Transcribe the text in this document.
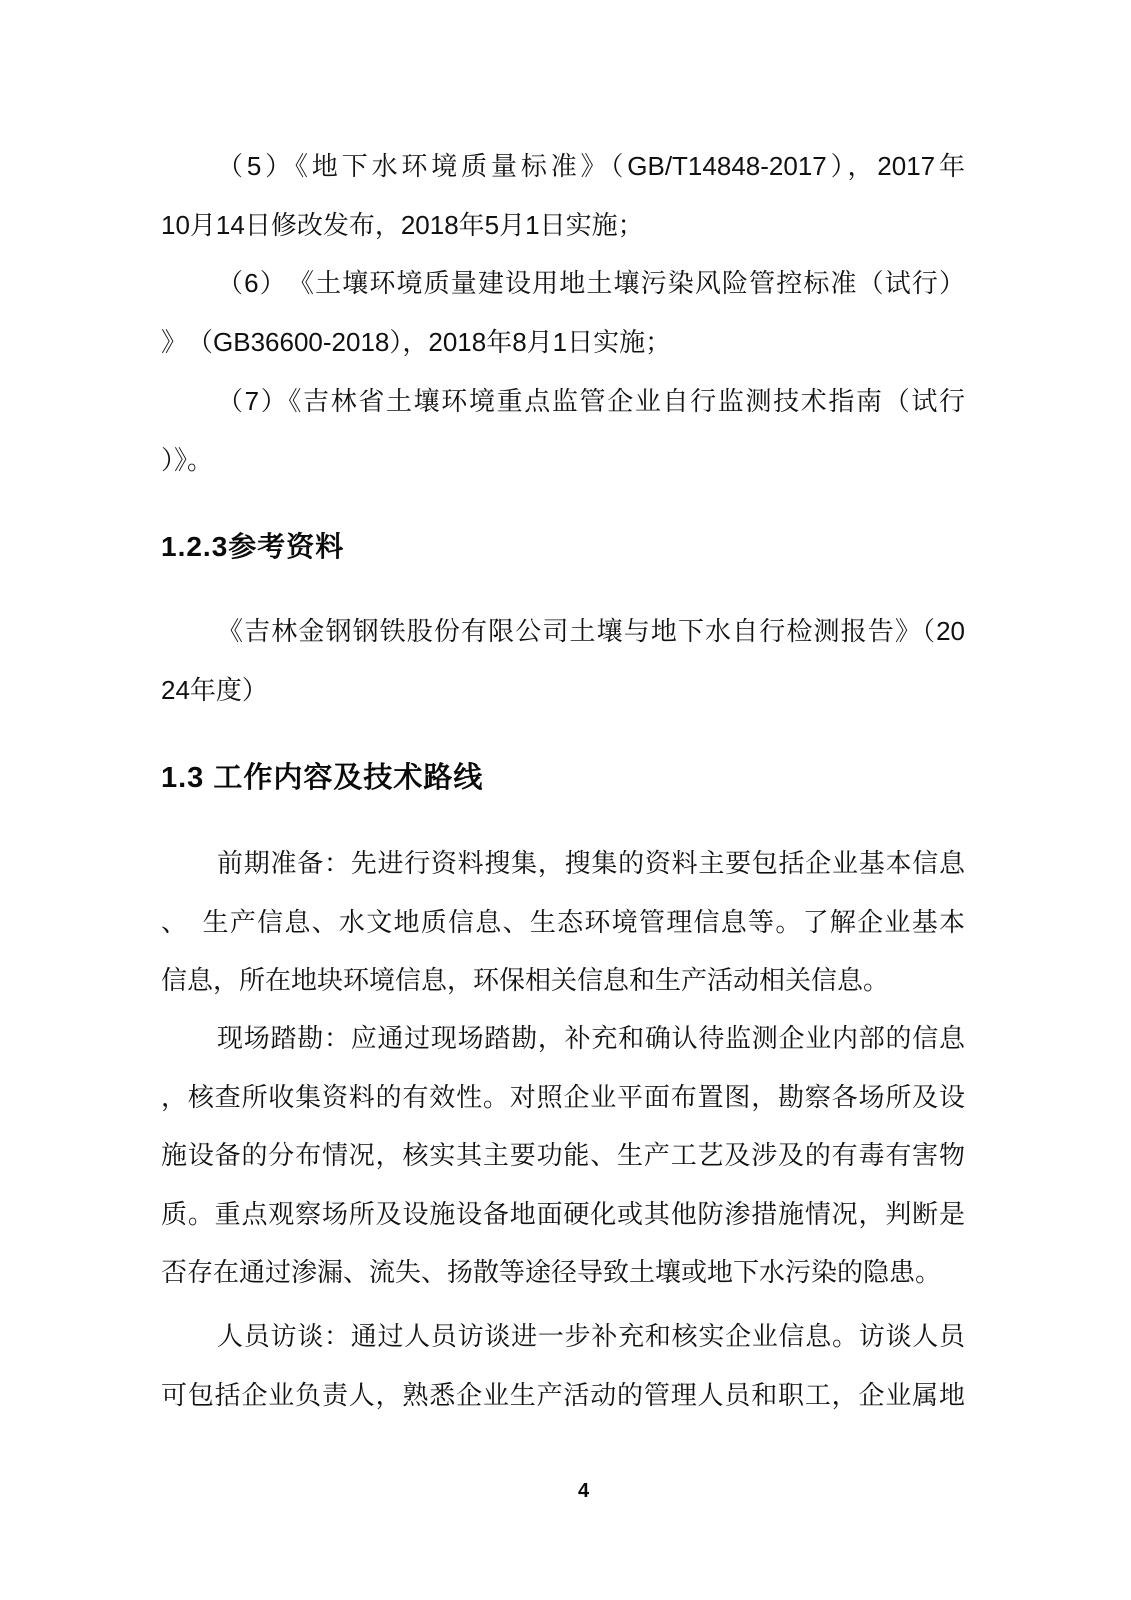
（5）《地下水环境质量标准》（GB/T14848-2017），2017年
10月14日修改发布，2018年5月1日实施；
（6）　《土壤环境质量建设用地土壤污染风险管控标准（试行）
》　（GB36600-2018），2018年8月1日实施；
（7）《吉林省土壤环境重点监管企业自行监测技术指南（试行
）》。
1.2.3参考资料
《吉林金钢钢铁股份有限公司土壤与地下水自行检测报告》（20
24年度）
1.3 工作内容及技术路线
前期准备：先进行资料搜集，搜集的资料主要包括企业基本信息
、　生产信息、水文地质信息、生态环境管理信息等。了解企业基本
信息，所在地块环境信息，环保相关信息和生产活动相关信息。
现场踏勘：应通过现场踏勘，补充和确认待监测企业内部的信息
，核查所收集资料的有效性。对照企业平面布置图，勘察各场所及设
施设备的分布情况，核实其主要功能、生产工艺及涉及的有毒有害物
质。重点观察场所及设施设备地面硬化或其他防渗措施情况，判断是
否存在通过渗漏、流失、扬散等途径导致土壤或地下水污染的隐患。
人员访谈：通过人员访谈进一步补充和核实企业信息。访谈人员
可包括企业负责人，熟悉企业生产活动的管理人员和职工，企业属地
4
